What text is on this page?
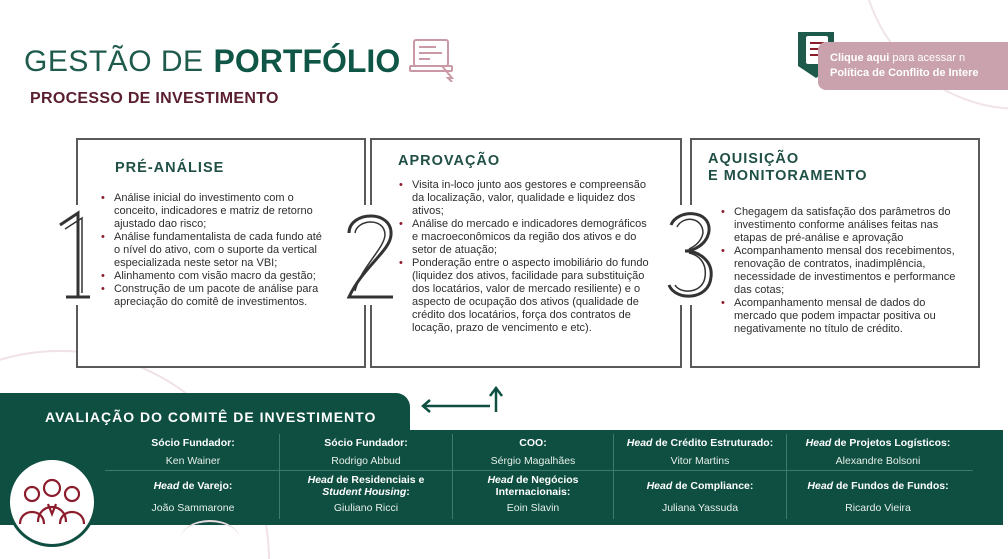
GESTÃO DE PORTFÓLIO
PROCESSO DE INVESTIMENTO
Clique aqui para acessar n
Política de Conflito de Intere
PRÉ-ANÁLISE
• Análise inicial do investimento com o conceito, indicadores e matriz de retorno ajustado dao risco;
• Análise fundamentalista de cada fundo até o nível do ativo, com o suporte da vertical especializada neste setor na VBI;
• Alinhamento com visão macro da gestão;
• Construção de um pacote de análise para apreciação do comitê de investimentos.
APROVAÇÃO
• Visita in-loco junto aos gestores e compreensão da localização, valor, qualidade e liquidez dos ativos;
• Análise do mercado e indicadores demográficos e macroeconômicos da região dos ativos e do setor de atuação;
• Ponderação entre o aspecto imobiliário do fundo (liquidez dos ativos, facilidade para substituição dos locatários, valor de mercado resiliente) e o aspecto de ocupação dos ativos (qualidade de crédito dos locatários, força dos contratos de locação, prazo de vencimento e etc).
AQUISIÇÃO
E MONITORAMENTO
• Chegagem da satisfação dos parâmetros do investimento conforme análises feitas nas etapas de pré-análise e aprovação
• Acompanhamento mensal dos recebimentos, renovação de contratos, inadimplência, necessidade de investimentos e performance das cotas;
• Acompanhamento mensal de dados do mercado que podem impactar positiva ou negativamente no título de crédito.
AVALIAÇÃO DO COMITÊ DE INVESTIMENTO
Sócio Fundador:
Ken Wainer
Sócio Fundador:
Rodrigo Abbud
COO:
Sérgio Magalhães
Head de Crédito Estruturado:
Vitor Martins
Head de Projetos Logísticos:
Alexandre Bolsoni
Head de Varejo:
João Sammarone
Head de Residenciais e
Student Housing:
Giuliano Ricci
Head de Negócios
Internacionais:
Eoin Slavin
Head de Compliance:
Juliana Yassuda
Head de Fundos de Fundos:
Ricardo Vieira
